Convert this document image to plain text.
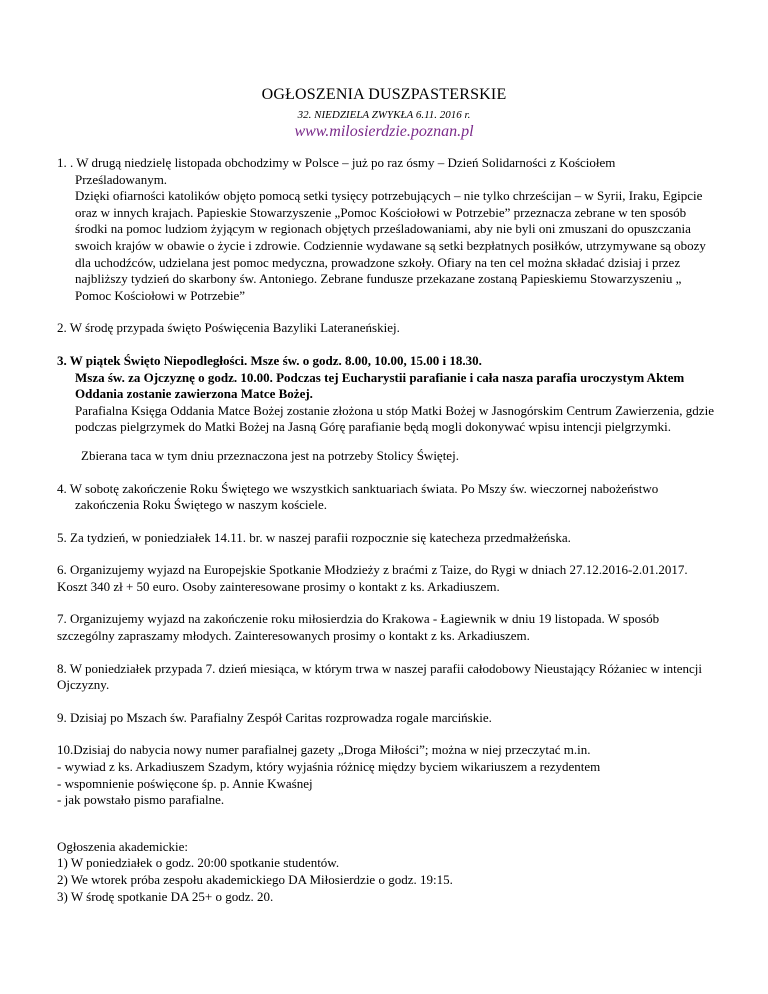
OGŁOSZENIA DUSZPASTERSKIE
32. NIEDZIELA ZWYKŁA 6.11. 2016 r.
www.milosierdzie.poznan.pl

1. . W drugą niedzielę listopada obchodzimy w Polsce – już po raz ósmy – Dzień Solidarności z Kościołem

Prześladowanym.

Dzięki ofiarności katolików objęto pomocą setki tysięcy potrzebujących – nie tylko chrześcijan – w Syrii, Iraku, Egipcie oraz w innych krajach. Papieskie Stowarzyszenie „Pomoc Kościołowi w Potrzebie” przeznacza zebrane w ten sposób środki na pomoc ludziom żyjącym w regionach objętych prześladowaniami, aby nie byli oni zmuszani do opuszczania swoich krajów w obawie o życie i zdrowie. Codziennie wydawane są setki bezpłatnych posiłków, utrzymywane są obozy dla uchodźców, udzielana jest pomoc medyczna, prowadzone szkoły. Ofiary na ten cel można składać dzisiaj i przez najbliższy tydzień do skarbony św. Antoniego. Zebrane fundusze przekazane zostaną Papieskiemu Stowarzyszeniu „ Pomoc Kościołowi w Potrzebie”

2. W środę przypada święto Poświęcenia Bazyliki Lateraneńskiej.

3. W piątek Święto Niepodległości. Msze św. o godz. 8.00, 10.00, 15.00 i 18.30.

Msza św. za Ojczyznę o godz. 10.00. Podczas tej Eucharystii parafianie i cała nasza parafia uroczystym Aktem Oddania zostanie zawierzona Matce Bożej.

Parafialna Księga Oddania Matce Bożej zostanie złożona u stóp Matki Bożej w Jasnogórskim Centrum Zawierzenia, gdzie podczas pielgrzymek do Matki Bożej na Jasną Górę parafianie będą mogli dokonywać wpisu intencji pielgrzymki.

Zbierana taca w tym dniu przeznaczona jest na potrzeby Stolicy Świętej.

4. W sobotę zakończenie Roku Świętego we wszystkich sanktuariach świata. Po Mszy św. wieczornej nabożeństwo

zakończenia Roku Świętego w naszym kościele.

5. Za tydzień, w poniedziałek 14.11. br. w naszej parafii rozpocznie się katecheza przedmałżeńska.

6. Organizujemy wyjazd na Europejskie Spotkanie Młodzieży z braćmi z Taize, do Rygi w dniach 27.12.2016-2.01.2017. Koszt 340 zł + 50 euro. Osoby zainteresowane prosimy o kontakt z ks. Arkadiuszem.

7. Organizujemy wyjazd na zakończenie roku miłosierdzia do Krakowa - Łagiewnik w dniu 19 listopada. W sposób szczególny zapraszamy młodych. Zainteresowanych prosimy o kontakt z ks. Arkadiuszem.

8. W poniedziałek przypada 7. dzień miesiąca, w którym trwa w naszej parafii całodobowy Nieustający Różaniec w intencji Ojczyzny.

9. Dzisiaj po Mszach św. Parafialny Zespół Caritas rozprowadza rogale marcińskie.

10.Dzisiaj do nabycia nowy numer parafialnej gazety „Droga Miłości”; można w niej przeczytać m.in.

- wywiad z ks. Arkadiuszem Szadym, który wyjaśnia różnicę między byciem wikariuszem a rezydentem

- wspomnienie poświęcone śp. p. Annie Kwaśnej

- jak powstało pismo parafialne.

Ogłoszenia akademickie:

1) W poniedziałek o godz. 20:00 spotkanie studentów.

2) We wtorek próba zespołu akademickiego DA Miłosierdzie o godz. 19:15.

3) W środę spotkanie DA 25+ o godz. 20.
